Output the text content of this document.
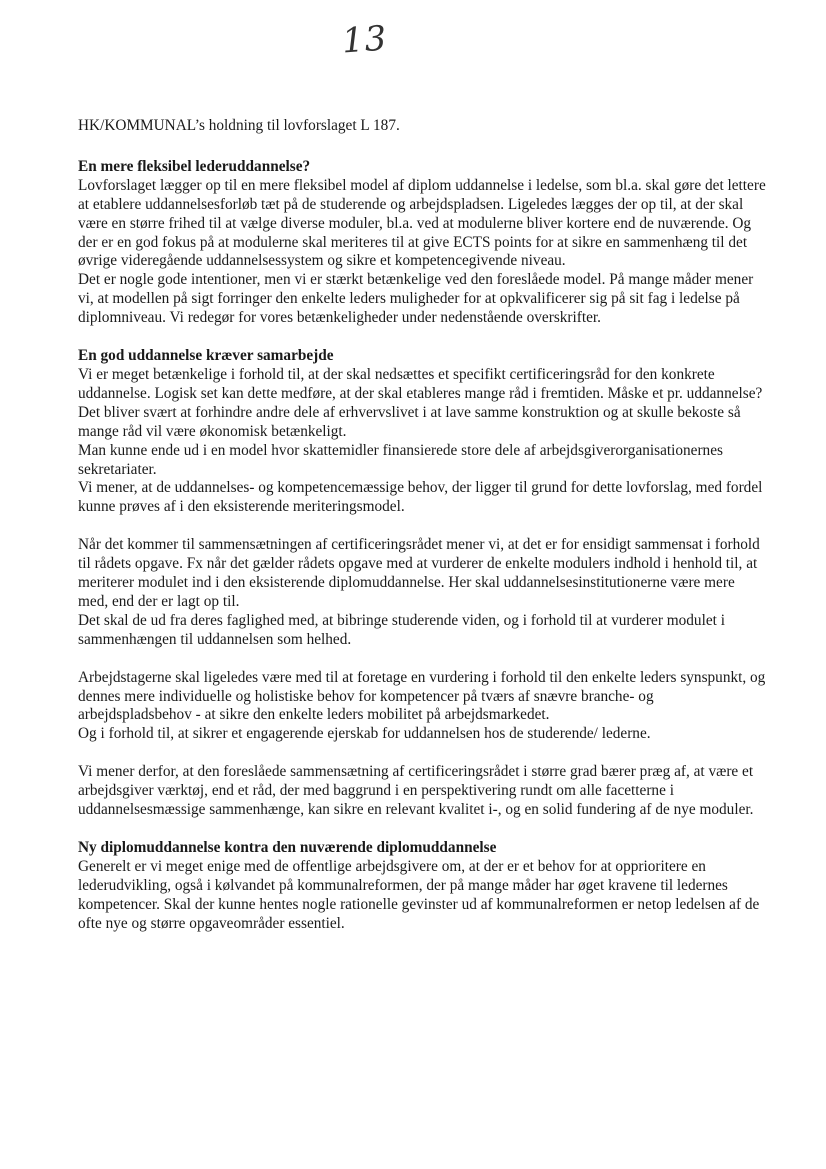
13

HK/KOMMUNAL’s holdning til lovforslaget L 187.

En mere fleksibel lederuddannelse?

Lovforslaget lægger op til en mere fleksibel model af diplom uddannelse i ledelse, som bl.a. skal gøre det lettere at etablere uddannelsesforløb tæt på de studerende og arbejdspladsen. Ligeledes lægges der op til, at der skal være en større frihed til at vælge diverse moduler, bl.a. ved at modulerne bliver kortere end de nuværende. Og der er en god fokus på at modulerne skal meriteres til at give ECTS points for at sikre en sammenhæng til det øvrige videregående uddannelsessystem og sikre et kompetencegivende niveau.

Det er nogle gode intentioner, men vi er stærkt betænkelige ved den foreslåede model. På mange måder mener vi, at modellen på sigt forringer den enkelte leders muligheder for at opkvalificerer sig på sit fag i ledelse på diplomniveau. Vi redegør for vores betænkeligheder under nedenstående overskrifter.

En god uddannelse kræver samarbejde

Vi er meget betænkelige i forhold til, at der skal nedsættes et specifikt certificeringsråd for den konkrete uddannelse. Logisk set kan dette medføre, at der skal etableres mange råd i fremtiden. Måske et pr. uddannelse? Det bliver svært at forhindre andre dele af erhvervslivet i at lave samme konstruktion og at skulle bekoste så mange råd vil være økonomisk betænkeligt.

Man kunne ende ud i en model hvor skattemidler finansierede store dele af arbejdsgiverorganisationernes sekretariater.

Vi mener, at de uddannelses- og kompetencemæssige behov, der ligger til grund for dette lovforslag, med fordel kunne prøves af i den eksisterende meriteringsmodel.

Når det kommer til sammensætningen af certificeringsrådet mener vi, at det er for ensidigt sammensat i forhold til rådets opgave. Fx når det gælder rådets opgave med at vurderer de enkelte modulers indhold i henhold til, at meriterer modulet ind i den eksisterende diplomuddannelse. Her skal uddannelsesinstitutionerne være mere med, end der er lagt op til.

Det skal de ud fra deres faglighed med, at bibringe studerende viden, og i forhold til at vurderer modulet i sammenhængen til uddannelsen som helhed.

Arbejdstagerne skal ligeledes være med til at foretage en vurdering i forhold til den enkelte leders synspunkt, og dennes mere individuelle og holistiske behov for kompetencer på tværs af snævre branche- og arbejdspladsbehov - at sikre den enkelte leders mobilitet på arbejdsmarkedet.

Og i forhold til, at sikrer et engagerende ejerskab for uddannelsen hos de studerende/ lederne.

Vi mener derfor, at den foreslåede sammensætning af certificeringsrådet i større grad bærer præg af, at være et arbejdsgiver værktøj, end et råd, der med baggrund i en perspektivering rundt om alle facetterne i uddannelsesmæssige sammenhænge, kan sikre en relevant kvalitet i-, og en solid fundering af de nye moduler.

Ny diplomuddannelse kontra den nuværende diplomuddannelse

Generelt er vi meget enige med de offentlige arbejdsgivere om, at der er et behov for at opprioritere en lederudvikling, også i kølvandet på kommunalreformen, der på mange måder har øget kravene til ledernes kompetencer. Skal der kunne hentes nogle rationelle gevinster ud af kommunalreformen er netop ledelsen af de ofte nye og større opgaveområder essentiel.
